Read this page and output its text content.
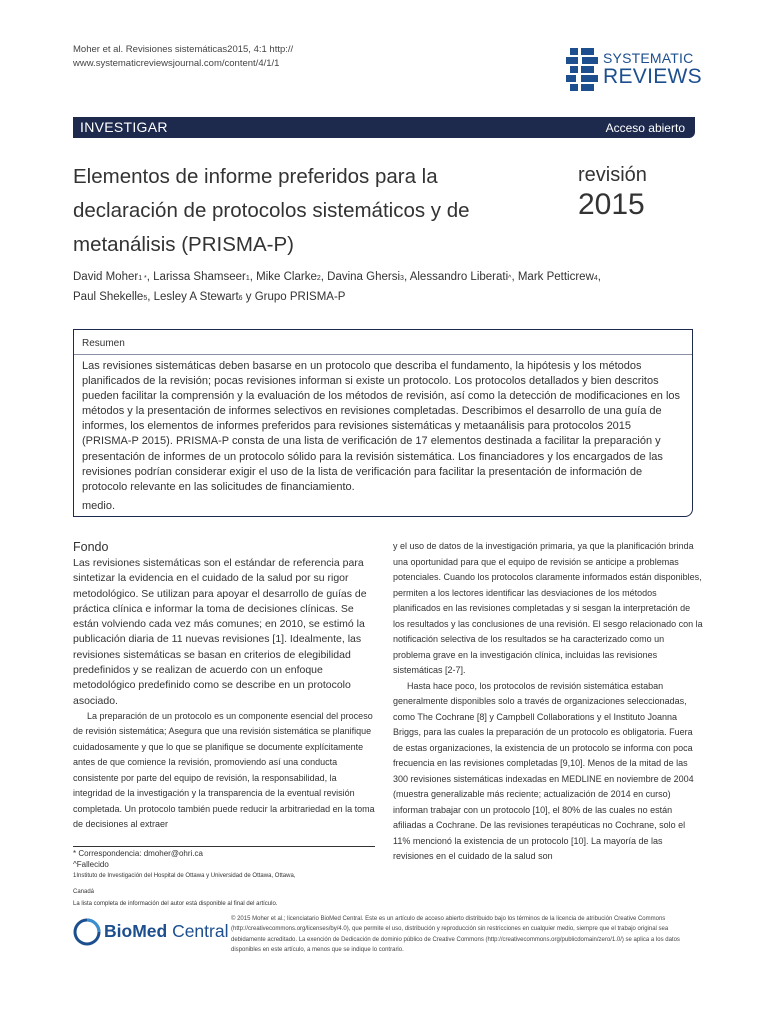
Moher et al. Revisiones sistemáticas2015, 4:1 http://
www.systematicreviewsjournal.com/content/4/1/1	SYSTEMATIC
REVIEWS
INVESTIGAR	Acceso abierto
Elementos de informe preferidos para la declaración de protocolos sistemáticos y de metanálisis (PRISMA-P)
revisión
2015
David Moher1 *, Larissa Shamseer1, Mike Clarke2, Davina Ghersi3, Alessandro Liberati^, Mark Petticrew4,
Paul Shekelle5, Lesley A Stewart6 y Grupo PRISMA-P
Resumen
Las revisiones sistemáticas deben basarse en un protocolo que describa el fundamento, la hipótesis y los métodos planificados de la revisión; pocas revisiones informan si existe un protocolo. Los protocolos detallados y bien descritos pueden facilitar la comprensión y la evaluación de los métodos de revisión, así como la detección de modificaciones en los métodos y la presentación de informes selectivos en revisiones completadas. Describimos el desarrollo de una guía de informes, los elementos de informes preferidos para revisiones sistemáticas y metaanálisis para protocolos 2015 (PRISMA-P 2015). PRISMA-P consta de una lista de verificación de 17 elementos destinada a facilitar la preparación y presentación de informes de un protocolo sólido para la revisión sistemática. Los financiadores y los encargados de las revisiones podrían considerar exigir el uso de la lista de verificación para facilitar la presentación de información de protocolo relevante en las solicitudes de financiamiento.
medio.
Fondo

Las revisiones sistemáticas son el estándar de referencia para sintetizar la evidencia en el cuidado de la salud por su rigor metodológico. Se utilizan para apoyar el desarrollo de guías de práctica clínica e informar la toma de decisiones clínicas. Se están volviendo cada vez más comunes; en 2010, se estimó la publicación diaria de 11 nuevas revisiones [1]. Idealmente, las revisiones sistemáticas se basan en criterios de elegibilidad predefinidos y se realizan de acuerdo con un enfoque metodológico predefinido como se describe en un protocolo asociado.

La preparación de un protocolo es un componente esencial del proceso de revisión sistemática; Asegura que una revisión sistemática se planifique cuidadosamente y que lo que se planifique se documente explícitamente antes de que comience la revisión, promoviendo así una conducta consistente por parte del equipo de revisión, la responsabilidad, la integridad de la investigación y la transparencia de la eventual revisión completada. Un protocolo también puede reducir la arbitrariedad en la toma de decisiones al extraer

y el uso de datos de la investigación primaria, ya que la planificación brinda una oportunidad para que el equipo de revisión se anticipe a problemas potenciales. Cuando los protocolos claramente informados están disponibles, permiten a los lectores identificar las desviaciones de los métodos planificados en las revisiones completadas y si sesgan la interpretación de los resultados y las conclusiones de una revisión. El sesgo relacionado con la notificación selectiva de los resultados se ha caracterizado como un problema grave en la investigación clínica, incluidas las revisiones sistemáticas [2-7].

Hasta hace poco, los protocolos de revisión sistemática estaban generalmente disponibles solo a través de organizaciones seleccionadas, como The Cochrane [8] y Campbell Collaborations y el Instituto Joanna Briggs, para las cuales la preparación de un protocolo es obligatoria. Fuera de estas organizaciones, la existencia de un protocolo se informa con poca frecuencia en las revisiones completadas [9,10]. Menos de la mitad de las 300 revisiones sistemáticas indexadas en MEDLINE en noviembre de 2004 (muestra generalizable más reciente; actualización de 2014 en curso) informan trabajar con un protocolo [10], el 80% de las cuales no están afiliadas a Cochrane. De las revisiones terapéuticas no Cochrane, solo el 11% mencionó la existencia de un protocolo [10]. La mayoría de las revisiones en el cuidado de la salud son

* Correspondencia: dmoher@ohri.ca

^Fallecido

1Instituto de Investigación del Hospital de Ottawa y Universidad de Ottawa, Ottawa,

Canadá

La lista completa de información del autor está disponible al final del artículo.

BioMed Central
© 2015 Moher et al.; licenciatario BioMed Central. Este es un artículo de acceso abierto distribuido bajo los términos de la licencia de atribución Creative Commons (http://creativecommons.org/licenses/by/4.0), que permite el uso, distribución y reproducción sin restricciones en cualquier medio, siempre que el trabajo original sea debidamente acreditado. La exención de Dedicación de dominio público de Creative Commons (http://creativecommons.org/publicdomain/zero/1.0/) se aplica a los datos disponibles en este artículo, a menos que se indique lo contrario.
